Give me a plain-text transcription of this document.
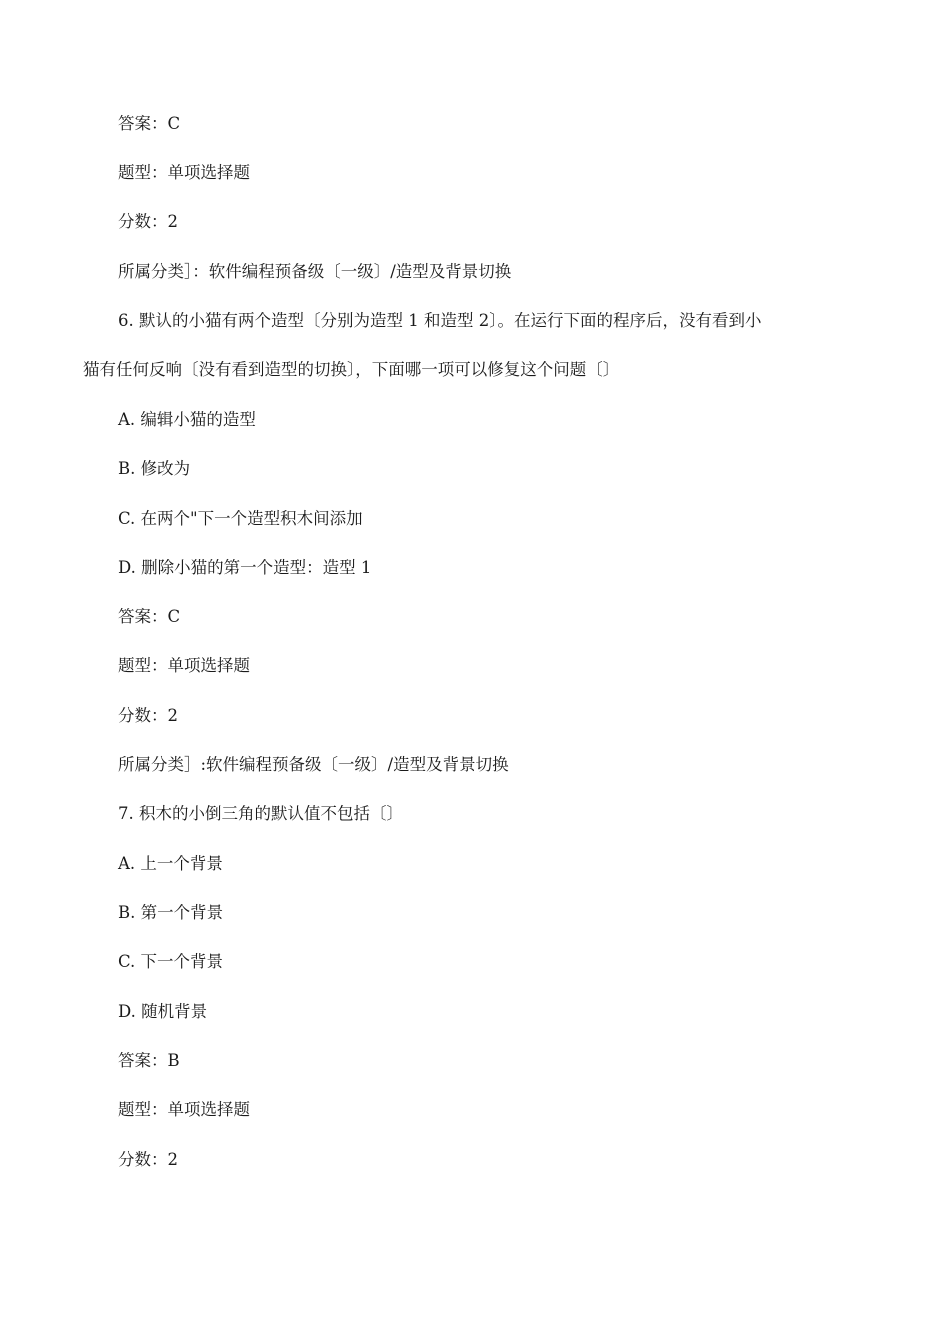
答案：C
题型：单项选择题
分数：2
所属分类］：软件编程预备级〔一级〕/造型及背景切换
6. 默认的小猫有两个造型〔分别为造型 1 和造型 2〕。在运行下面的程序后，没有看到小
猫有任何反响〔没有看到造型的切换〕，下面哪一项可以修复这个问题〔〕
A. 编辑小猫的造型
B. 修改为
C. 在两个"下一个造型积木间添加
D. 删除小猫的第一个造型：造型 1
答案：C
题型：单项选择题
分数：2
所属分类］:软件编程预备级〔一级〕/造型及背景切换
7. 积木的小倒三角的默认值不包括〔〕
A. 上一个背景
B. 第一个背景
C. 下一个背景
D. 随机背景
答案：B
题型：单项选择题
分数：2
